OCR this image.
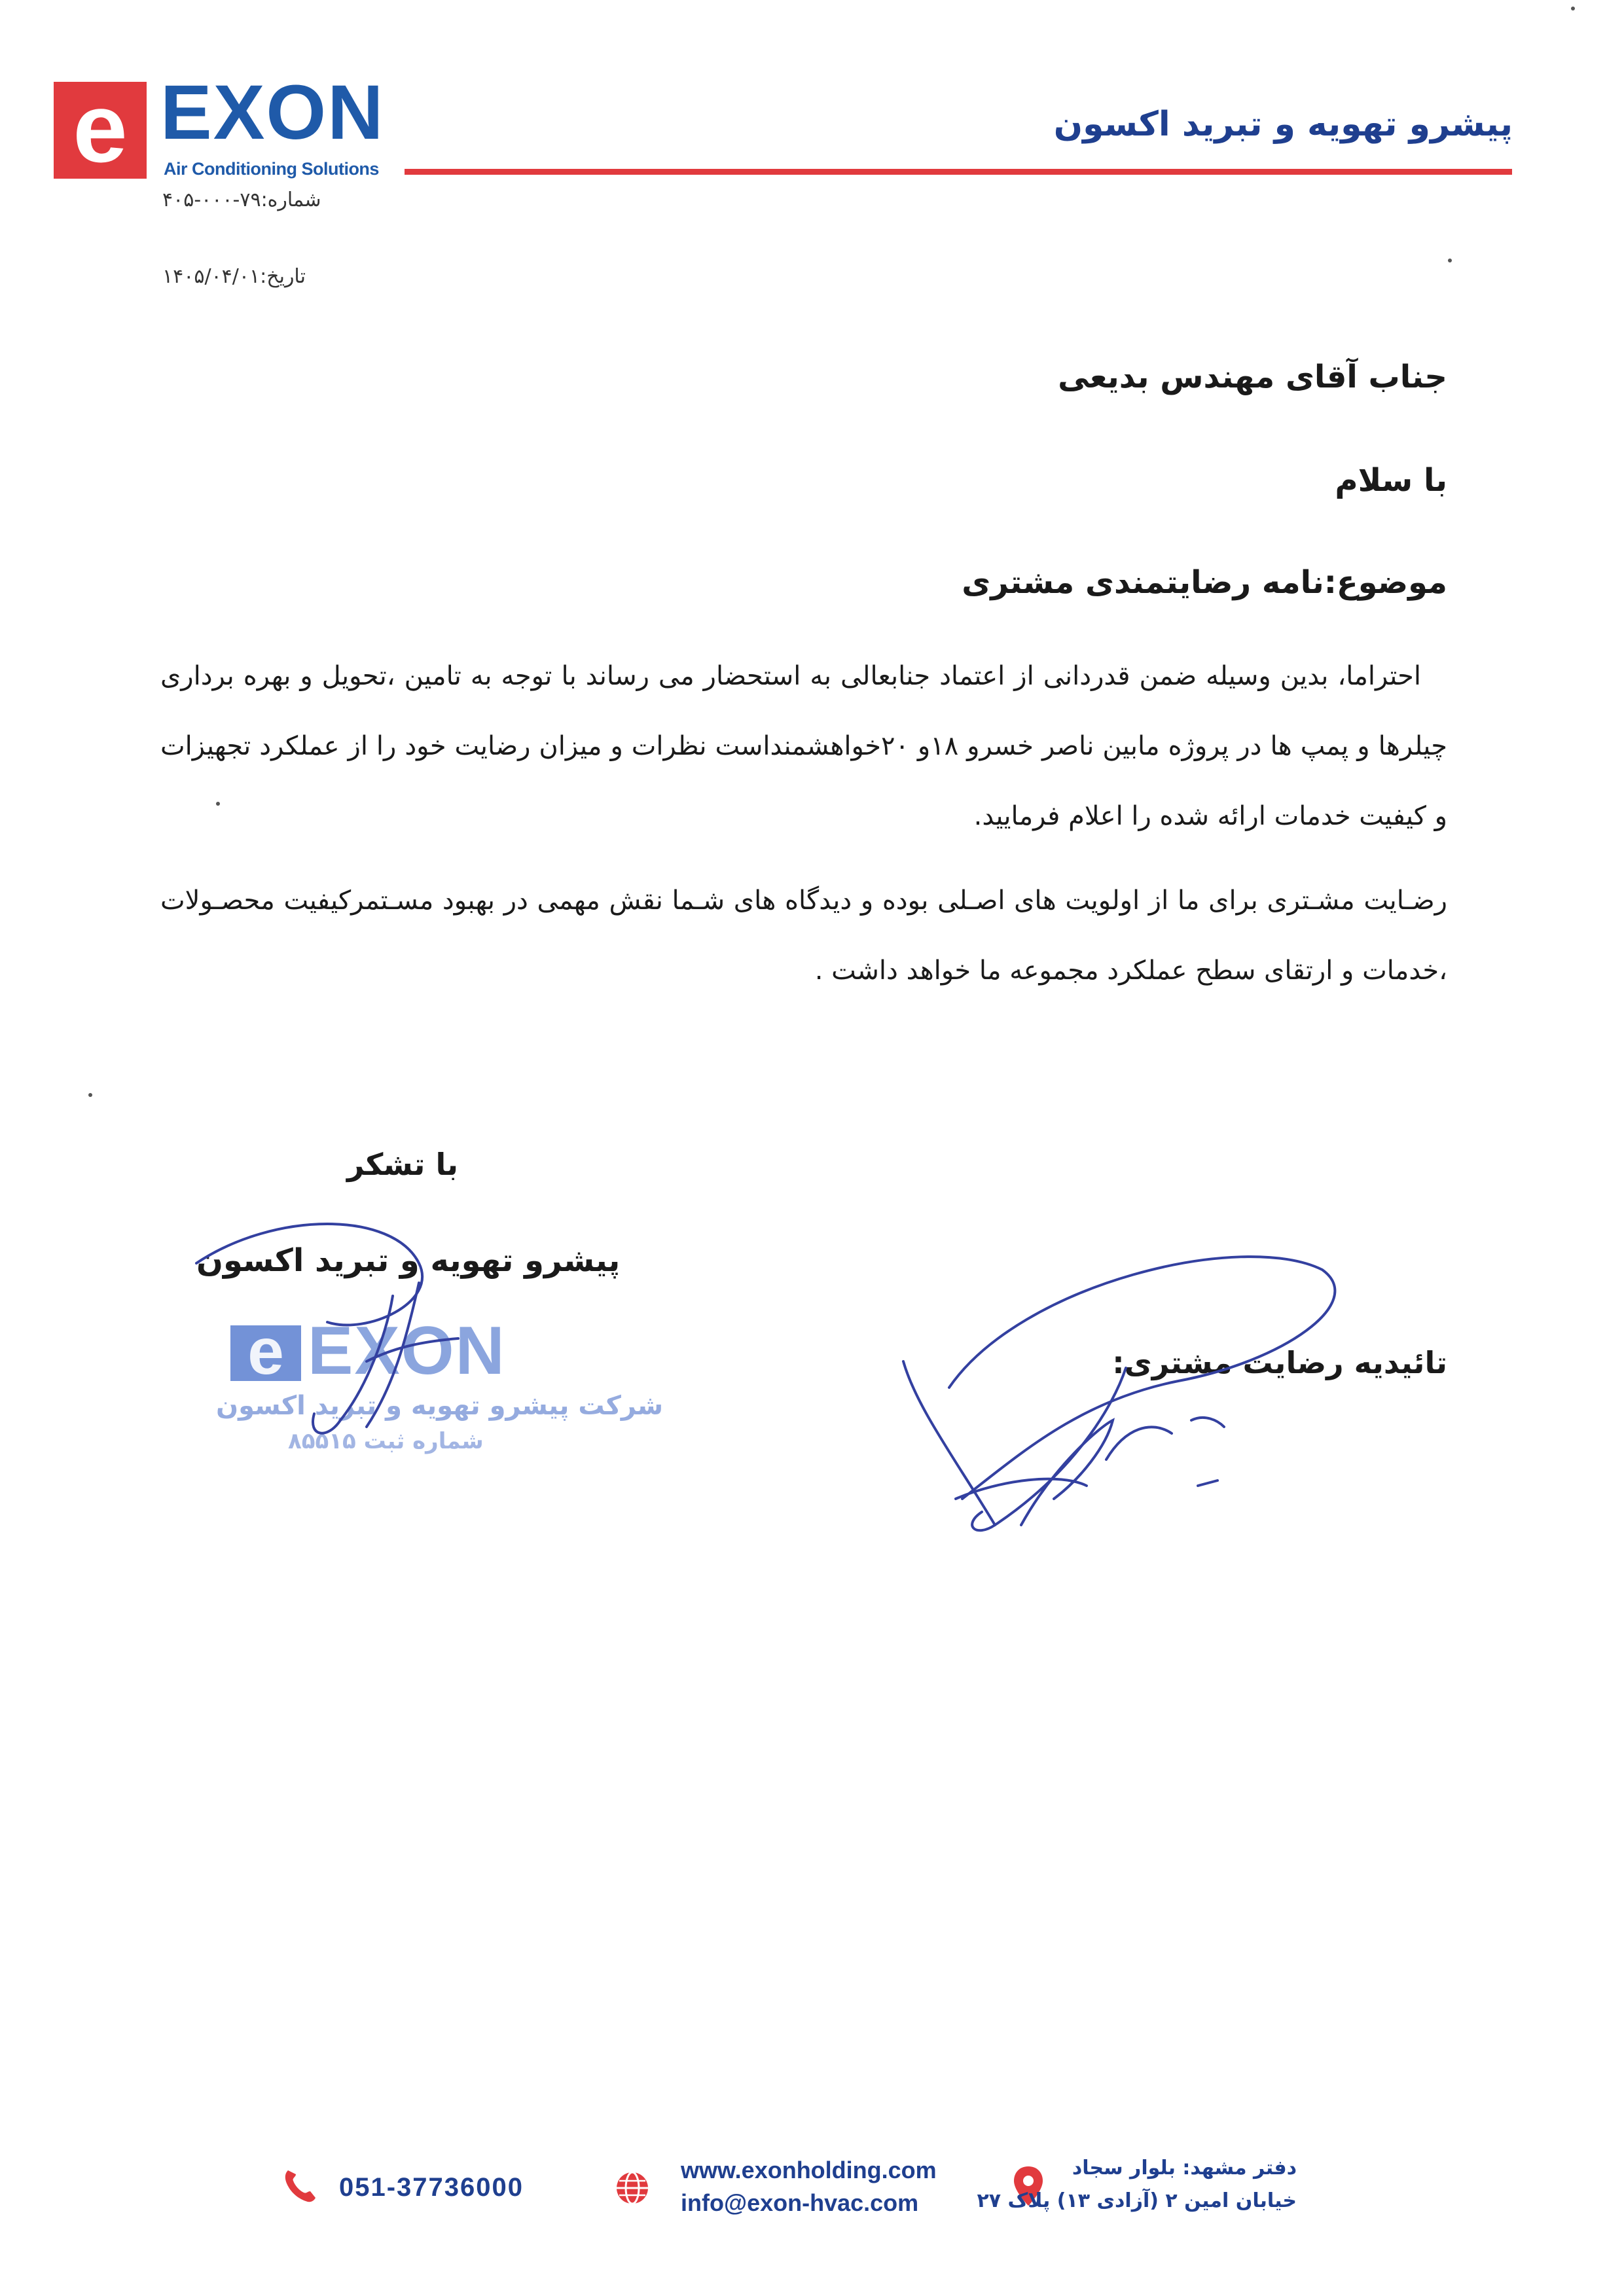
e EXON
Air Conditioning Solutions
پیشرو تهویه و تبرید اکسون
شماره:۷۹-۰۰۰-۴۰۵
تاریخ:۱۴۰۵/۰۴/۰۱
جناب آقای مهندس بدیعی
با سلام
موضوع:نامه رضایتمندی مشتری
احتراما، بدین وسیله ضمن قدردانی از اعتماد جنابعالی به استحضار می رساند با توجه به تامین ،تحویل و بهره برداری چیلرها و پمپ ها در پروژه مابین ناصر خسرو ۱۸و ۲۰خواهشمنداست نظرات و میزان رضایت خود را از عملکرد تجهیزات و کیفیت خدمات ارائه شده را اعلام فرمایید.
رضـایت مشـتری برای ما از اولویت های اصـلی بوده و دیدگاه های شـما نقش مهمی در بهبود مسـتمرکیفیت محصـولات ،خدمات و ارتقای سطح عملکرد مجموعه ما خواهد داشت .
با تشکر
پیشرو تهویه و تبرید اکسون
تائیدیه رضایت مشتری:
e EXON
شرکت پیشرو تهویه و تبرید اکسون
شماره ثبت ۸۵۵۱۵
051-37736000
www.exonholding.com
info@exon-hvac.com
دفتر مشهد: بلوار سجاد
خیابان امین ۲ (آزادی ۱۳) پلاک ۲۷
